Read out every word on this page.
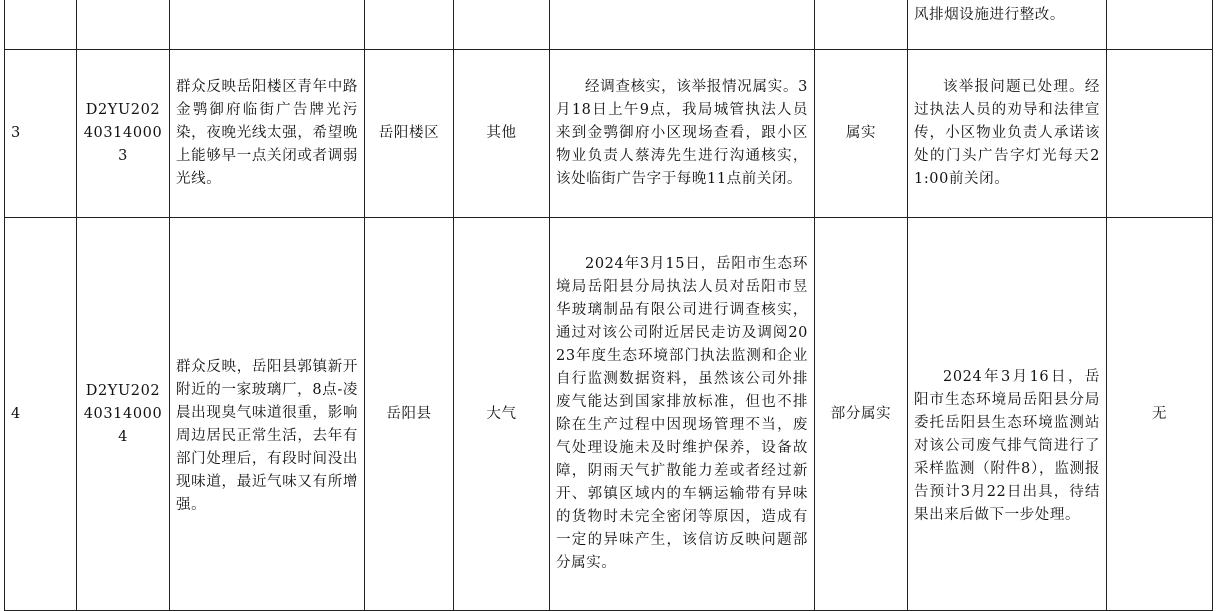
							风排烟设施进行整改。	

3	D2YU20240314000 3	群众反映岳阳楼区青年中路金鹗御府临街广告牌光污染，夜晚光线太强，希望晚上能够早一点关闭或者调弱光线。	岳阳楼区	其他	经调查核实，该举报情况属实。3月18日上午9点，我局城管执法人员来到金鹗御府小区现场查看，跟小区物业负责人蔡涛先生进行沟通核实，该处临街广告字于每晚11点前关闭。	属实	该举报问题已处理。经过执法人员的劝导和法律宣传，小区物业负责人承诺该处的门头广告字灯光每天21:00前关闭。	

4	D2YU20240314000 4	群众反映，岳阳县郭镇新开附近的一家玻璃厂，8点-凌晨出现臭气味道很重，影响周边居民正常生活，去年有部门处理后，有段时间没出现味道，最近气味又有所增强。	岳阳县	大气	2024年3月15日，岳阳市生态环境局岳阳县分局执法人员对岳阳市昱华玻璃制品有限公司进行调查核实，通过对该公司附近居民走访及调阅2023年度生态环境部门执法监测和企业自行监测数据资料，虽然该公司外排废气能达到国家排放标准，但也不排除在生产过程中因现场管理不当，废气处理设施未及时维护保养，设备故障，阴雨天气扩散能力差或者经过新开、郭镇区域内的车辆运输带有异味的货物时未完全密闭等原因，造成有一定的异味产生，该信访反映问题部分属实。	部分属实	2024年3月16日，岳阳市生态环境局岳阳县分局委托岳阳县生态环境监测站对该公司废气排气筒进行了采样监测（附件8），监测报告预计3月22日出具，待结果出来后做下一步处理。	无
